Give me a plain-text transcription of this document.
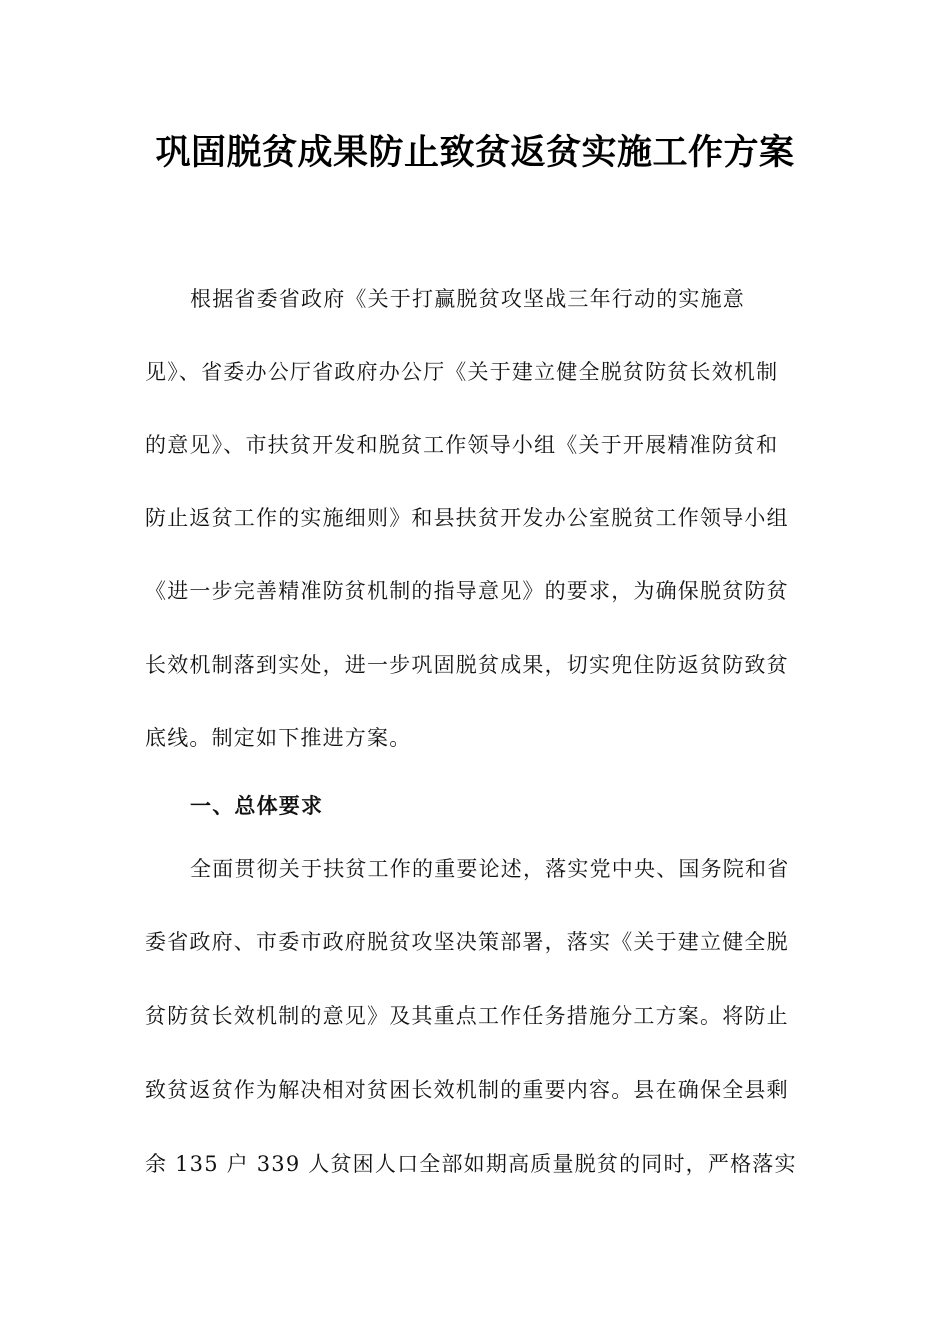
巩固脱贫成果防止致贫返贫实施工作方案

根据省委省政府《关于打赢脱贫攻坚战三年行动的实施意

见》、省委办公厅省政府办公厅《关于建立健全脱贫防贫长效机制

的意见》、市扶贫开发和脱贫工作领导小组《关于开展精准防贫和

防止返贫工作的实施细则》和县扶贫开发办公室脱贫工作领导小组

《进一步完善精准防贫机制的指导意见》的要求，为确保脱贫防贫

长效机制落到实处，进一步巩固脱贫成果，切实兜住防返贫防致贫

底线。制定如下推进方案。

一、总体要求

全面贯彻关于扶贫工作的重要论述，落实党中央、国务院和省

委省政府、市委市政府脱贫攻坚决策部署，落实《关于建立健全脱

贫防贫长效机制的意见》及其重点工作任务措施分工方案。将防止

致贫返贫作为解决相对贫困长效机制的重要内容。县在确保全县剩

余 135 户 339 人贫困人口全部如期高质量脱贫的同时，严格落实
